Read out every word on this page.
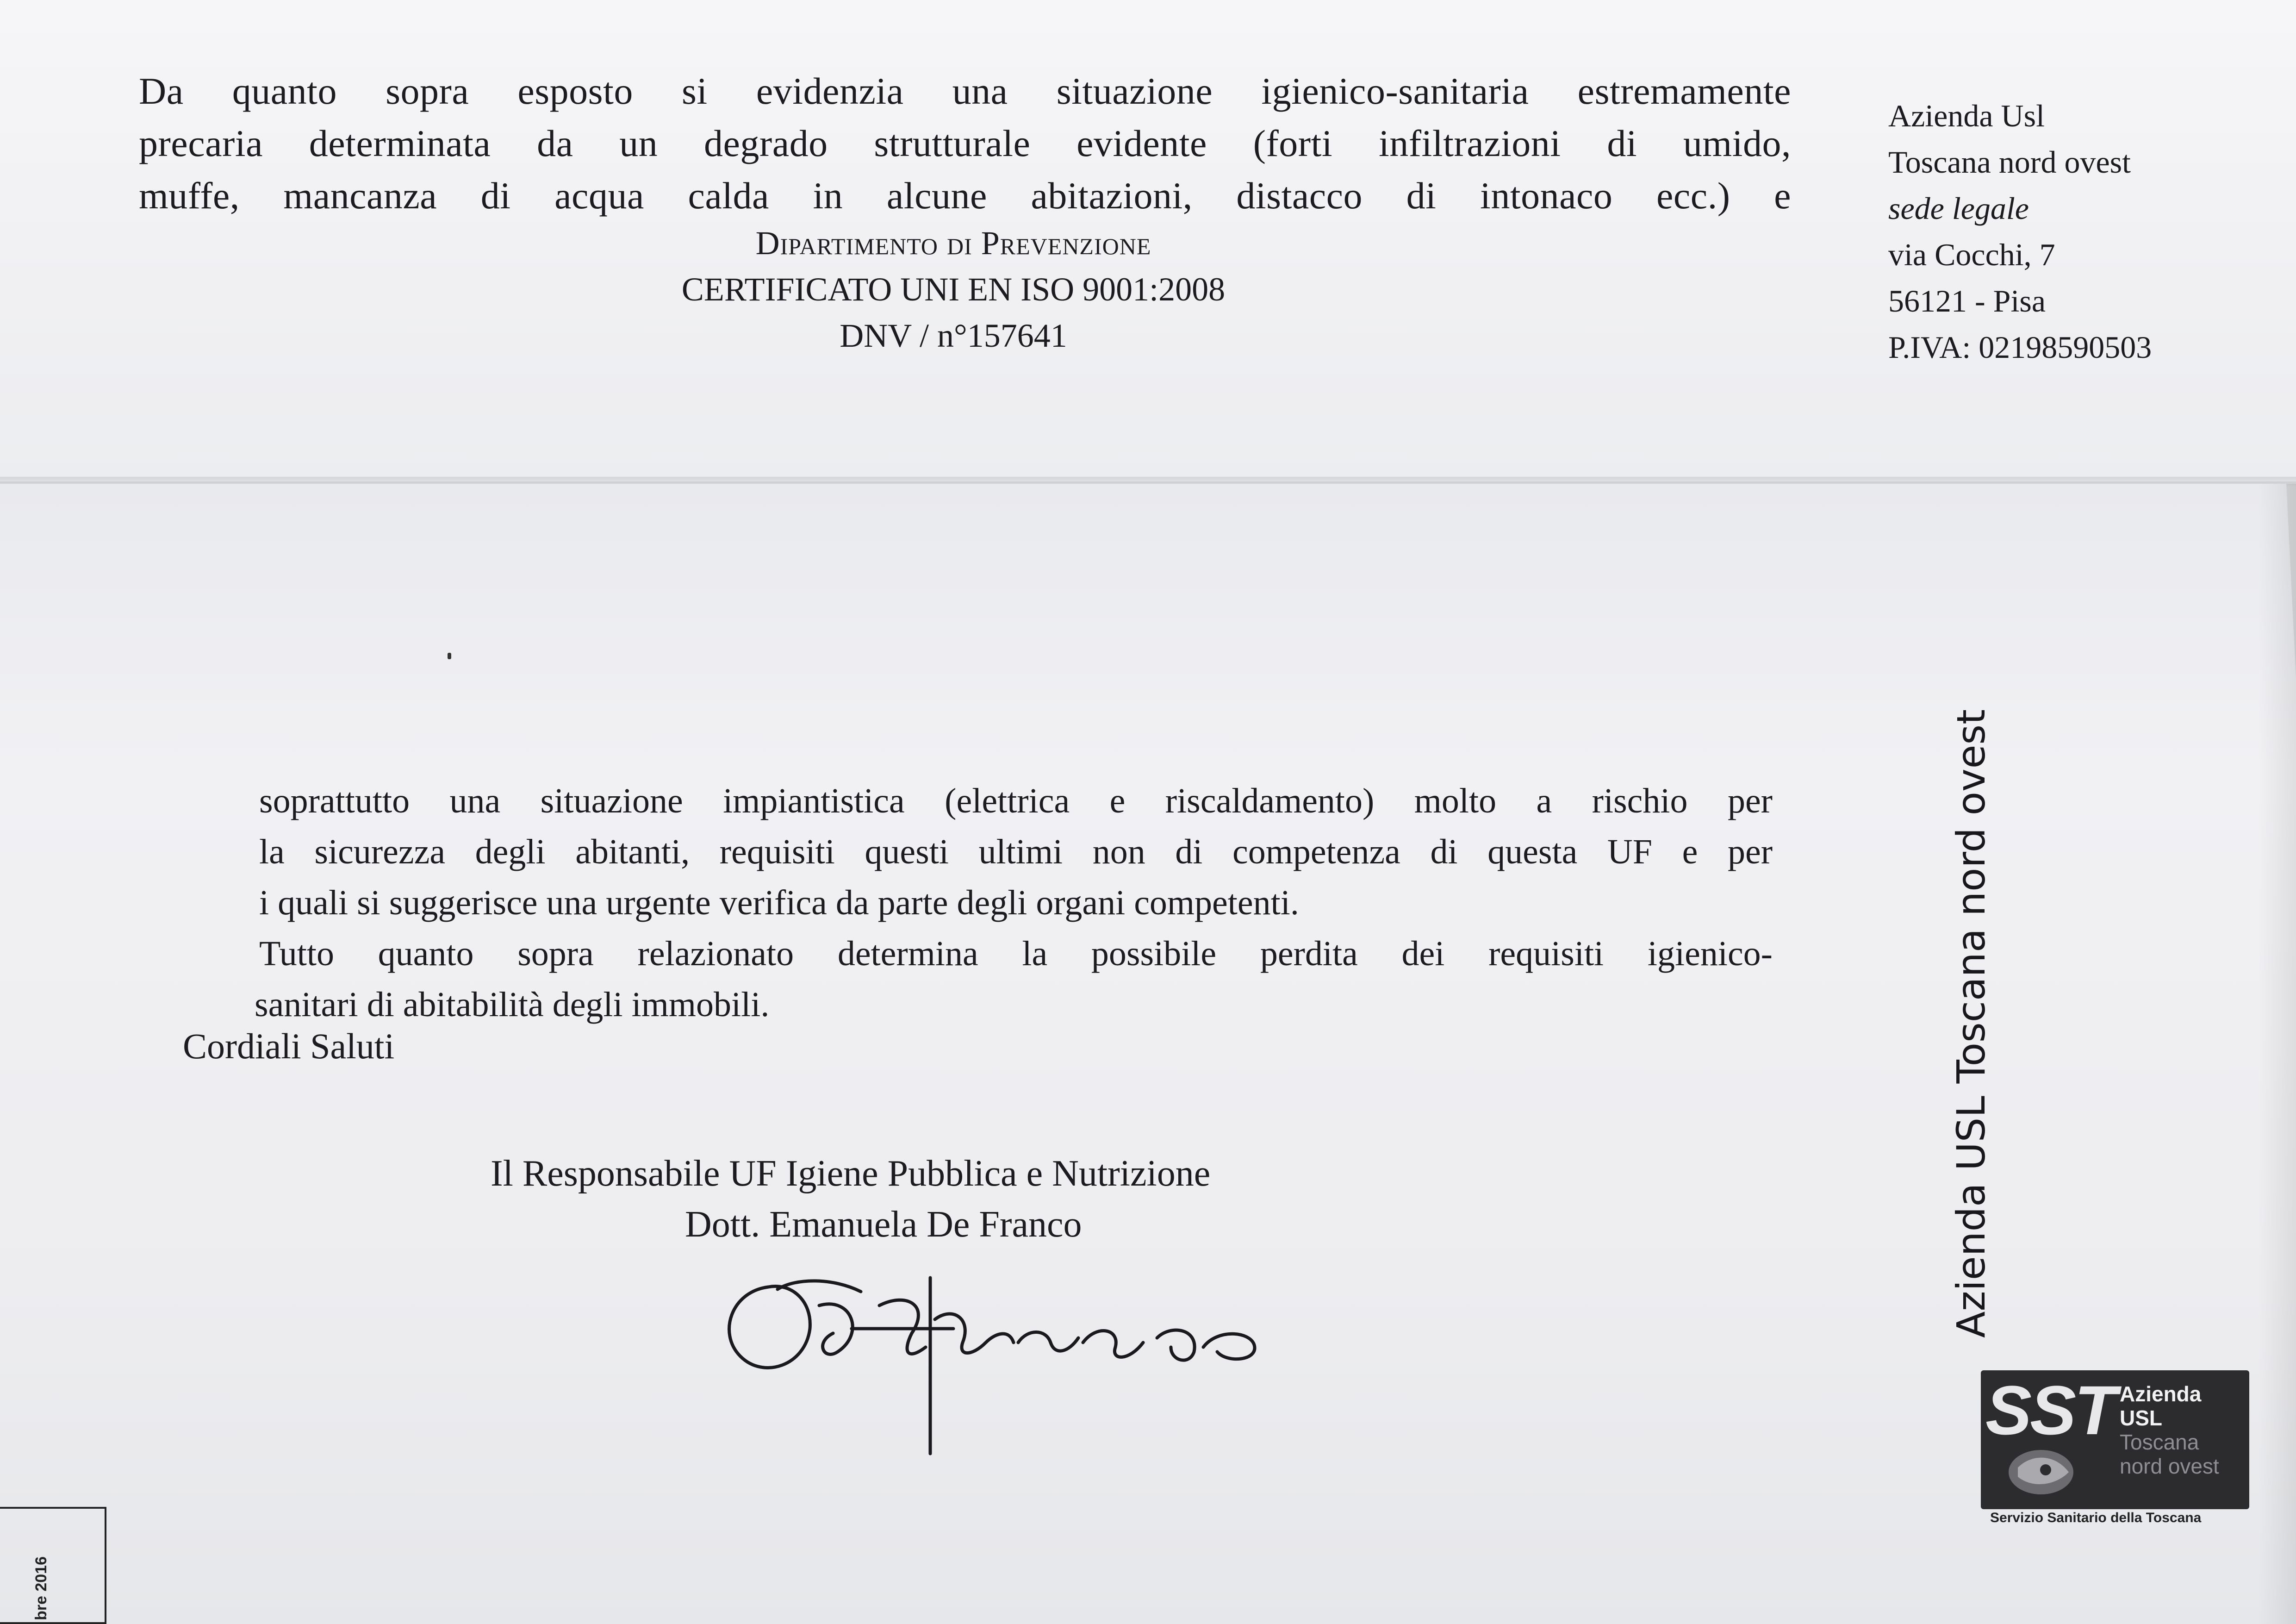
Da quanto sopra esposto si evidenzia una situazione igienico-sanitaria estremamente
precaria determinata da un degrado strutturale evidente (forti infiltrazioni di umido,
muffe, mancanza di acqua calda in alcune abitazioni, distacco di intonaco ecc.) e
Dipartimento di Prevenzione
CERTIFICATO UNI EN ISO 9001:2008
DNV / n°157641
Azienda Usl
Toscana nord ovest
sede legale
via Cocchi, 7
56121 - Pisa
P.IVA: 02198590503
soprattutto una situazione impiantistica (elettrica e riscaldamento) molto a rischio per
la sicurezza degli abitanti, requisiti questi ultimi non di competenza di questa UF e per
i quali si suggerisce una urgente verifica da parte degli organi competenti.
Tutto quanto sopra relazionato determina la possibile perdita dei requisiti igienico-
sanitari di abitabilità degli immobili.
Cordiali Saluti
Il Responsabile UF Igiene Pubblica e Nutrizione
Dott. Emanuela De Franco	Azienda USL Toscana nord ovest
SST Azienda
USL
Toscana
nord ovest
Servizio Sanitario della Toscana
bre 2016
